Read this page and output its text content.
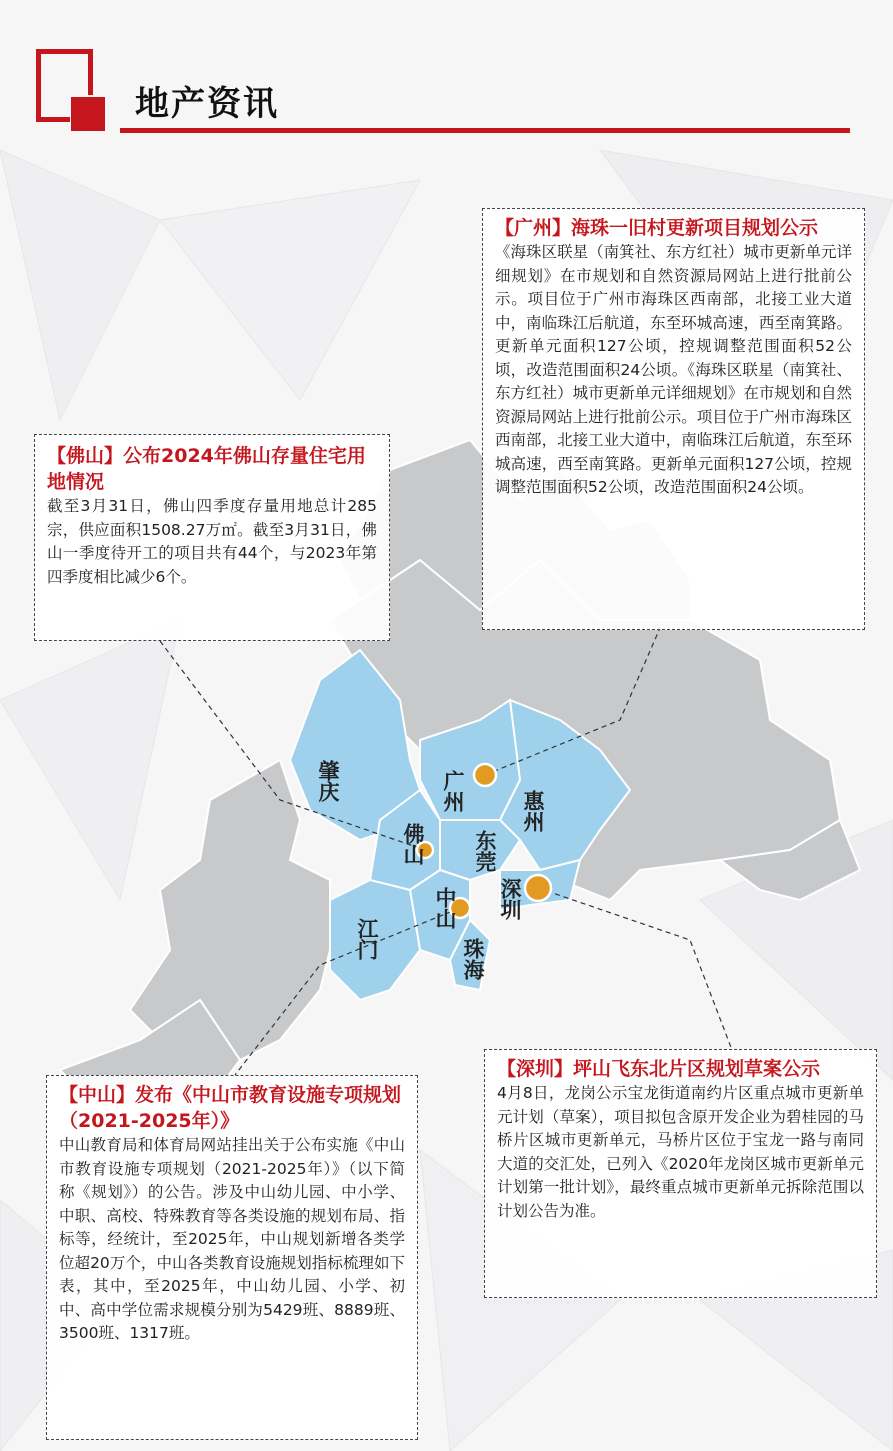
地产资讯
肇庆	广州	惠州
佛山 东莞
深圳
中山
江门	珠海
【广州】海珠一旧村更新项目规划公示
《海珠区联星（南箕社、东方红社）城市更新单元详细规划》在市规划和自然资源局网站上进行批前公示。项目位于广州市海珠区西南部，北接工业大道中，南临珠江后航道，东至环城高速，西至南箕路。更新单元面积127公顷，控规调整范围面积52公顷，改造范围面积24公顷。《海珠区联星（南箕社、东方红社）城市更新单元详细规划》在市规划和自然资源局网站上进行批前公示。项目位于广州市海珠区西南部，北接工业大道中，南临珠江后航道，东至环城高速，西至南箕路。更新单元面积127公顷，控规调整范围面积52公顷，改造范围面积24公顷。
【佛山】公布2024年佛山存量住宅用地情况
截至3月31日，佛山四季度存量用地总计285宗，供应面积1508.27万㎡。截至3月31日，佛山一季度待开工的项目共有44个，与2023年第四季度相比减少6个。
【深圳】坪山飞东北片区规划草案公示
4月8日，龙岗公示宝龙街道南约片区重点城市更新单元计划（草案），项目拟包含原开发企业为碧桂园的马桥片区城市更新单元，马桥片区位于宝龙一路与南同大道的交汇处，已列入《2020年龙岗区城市更新单元计划第一批计划》，最终重点城市更新单元拆除范围以计划公告为准。
【中山】发布《中山市教育设施专项规划（2021-2025年）》
中山教育局和体育局网站挂出关于公布实施《中山市教育设施专项规划（2021-2025年）》（以下简称《规划》）的公告。涉及中山幼儿园、中小学、中职、高校、特殊教育等各类设施的规划布局、指标等，经统计，至2025年，中山规划新增各类学位超20万个，中山各类教育设施规划指标梳理如下表，其中，至2025年，中山幼儿园、小学、初中、高中学位需求规模分别为5429班、8889班、3500班、1317班。
